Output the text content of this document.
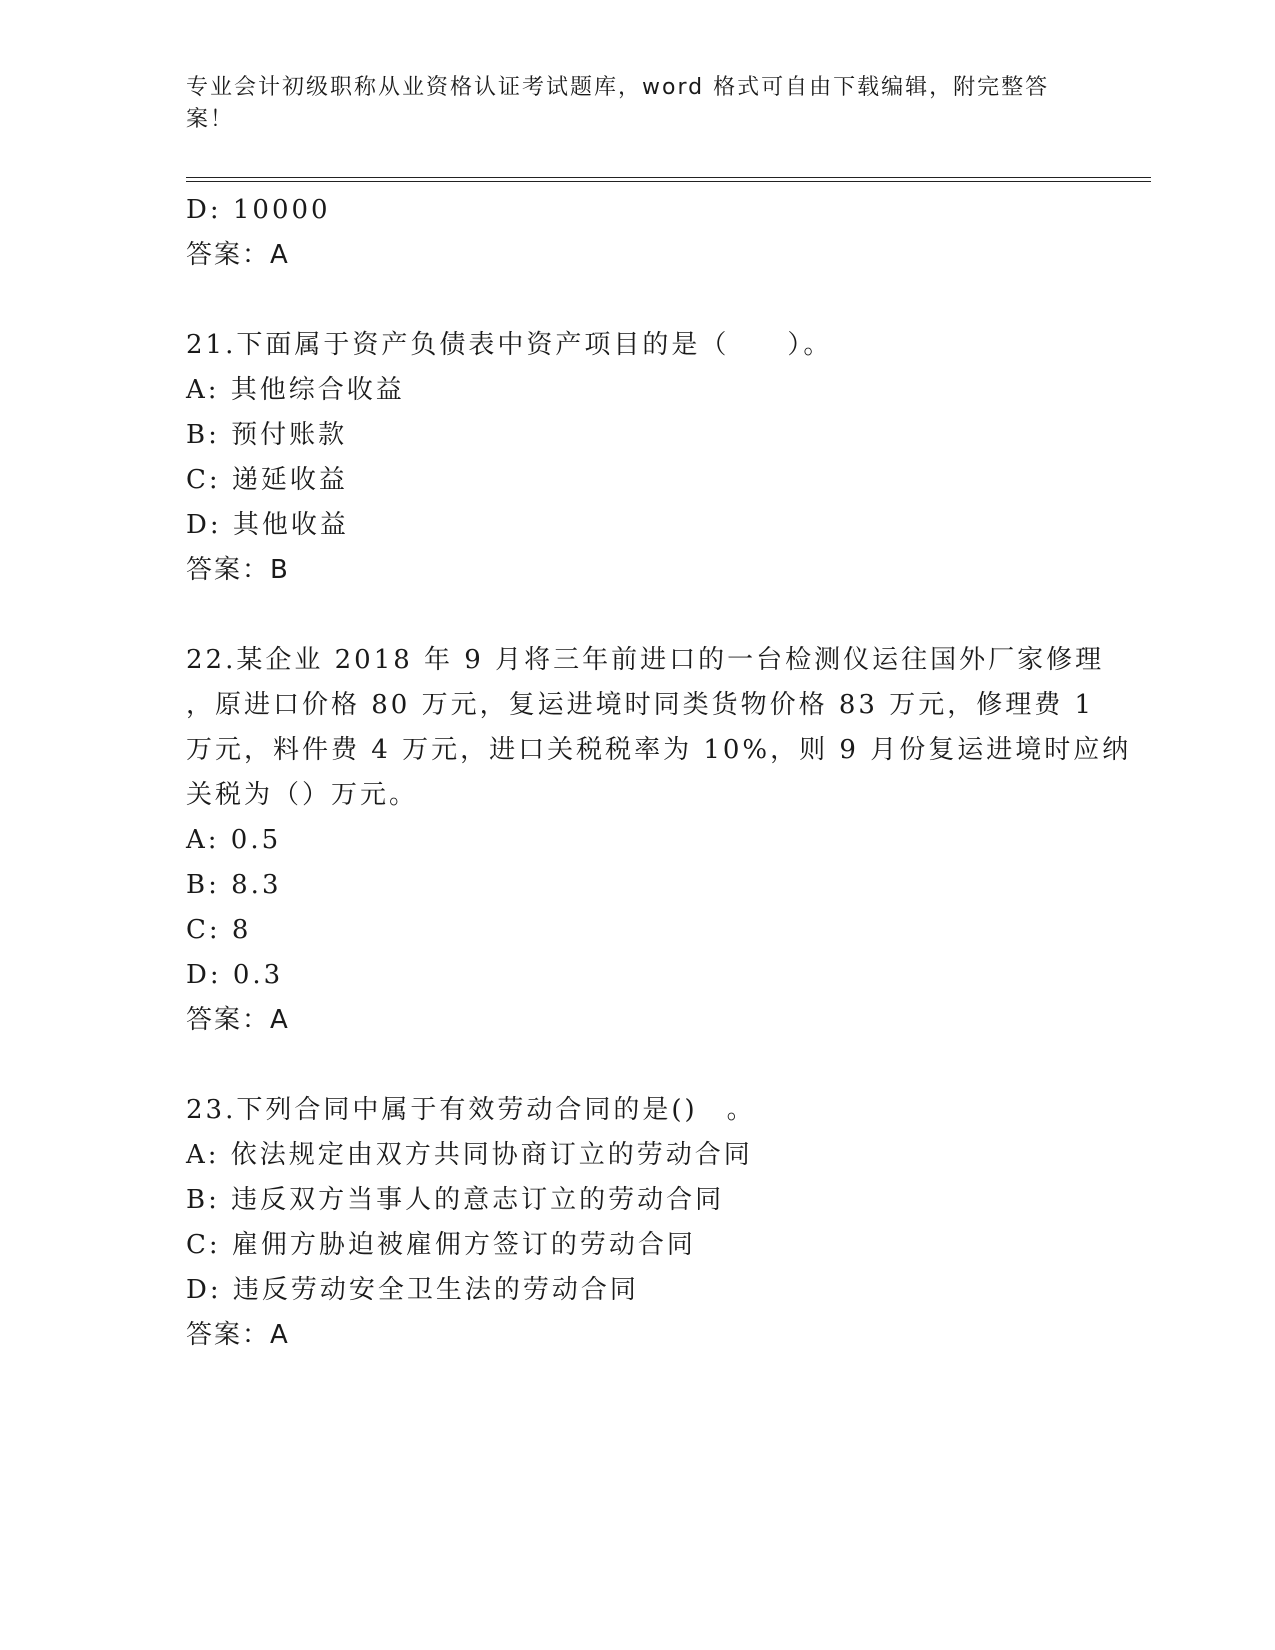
专业会计初级职称从业资格认证考试题库，word 格式可自由下载编辑，附完整答案！
D: 10000
答案：A
21.下面属于资产负债表中资产项目的是（　　）。
A: 其他综合收益
B: 预付账款
C: 递延收益
D: 其他收益
答案：B
22.某企业 2018 年 9 月将三年前进口的一台检测仪运往国外厂家修理
，原进口价格 80 万元，复运进境时同类货物价格 83 万元，修理费 1
万元，料件费 4 万元，进口关税税率为 10%，则 9 月份复运进境时应纳
关税为（）万元。
A: 0.5
B: 8.3
C: 8
D: 0.3
答案：A
23.下列合同中属于有效劳动合同的是()　。
A: 依法规定由双方共同协商订立的劳动合同
B: 违反双方当事人的意志订立的劳动合同
C: 雇佣方胁迫被雇佣方签订的劳动合同
D: 违反劳动安全卫生法的劳动合同
答案：A
